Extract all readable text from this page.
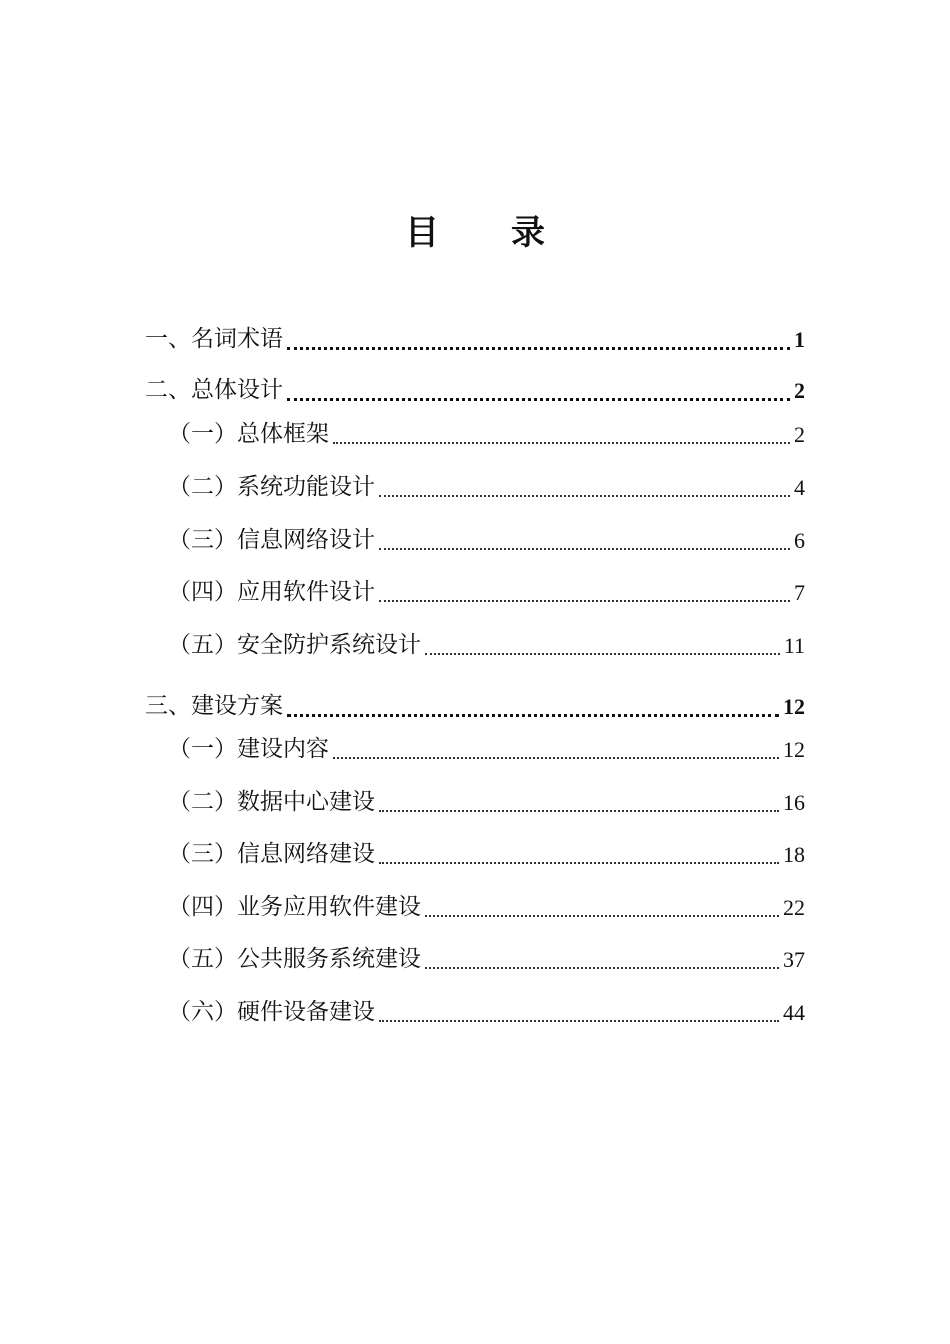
目 录
一、名词术语	1
二、总体设计	2
（一）总体框架	2
（二）系统功能设计	4
（三）信息网络设计	6
（四）应用软件设计	7
（五）安全防护系统设计	11
三、建设方案	12
（一）建设内容	12
（二）数据中心建设	16
（三）信息网络建设	18
（四）业务应用软件建设	22
（五）公共服务系统建设	37
（六）硬件设备建设	44
